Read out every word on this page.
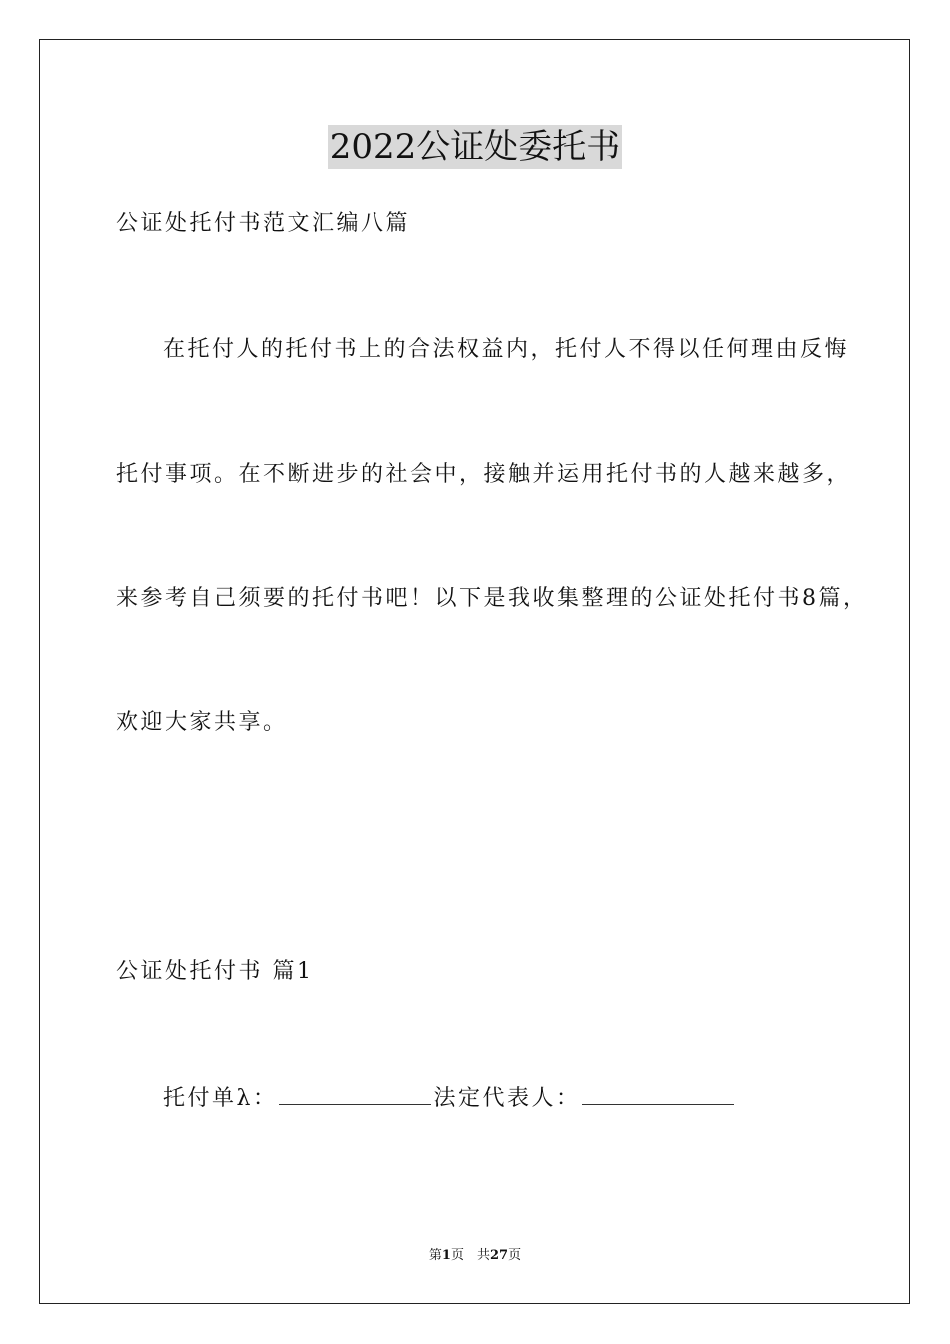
2022公证处委托书
公证处托付书范文汇编八篇
在托付人的托付书上的合法权益内，托付人不得以任何理由反悔
托付事项。在不断进步的社会中，接触并运用托付书的人越来越多，
来参考自己须要的托付书吧！以下是我收集整理的公证处托付书8篇，
欢迎大家共享。
公证处托付书 篇1
托付单λ：	法定代表人：
第1页　共27页
